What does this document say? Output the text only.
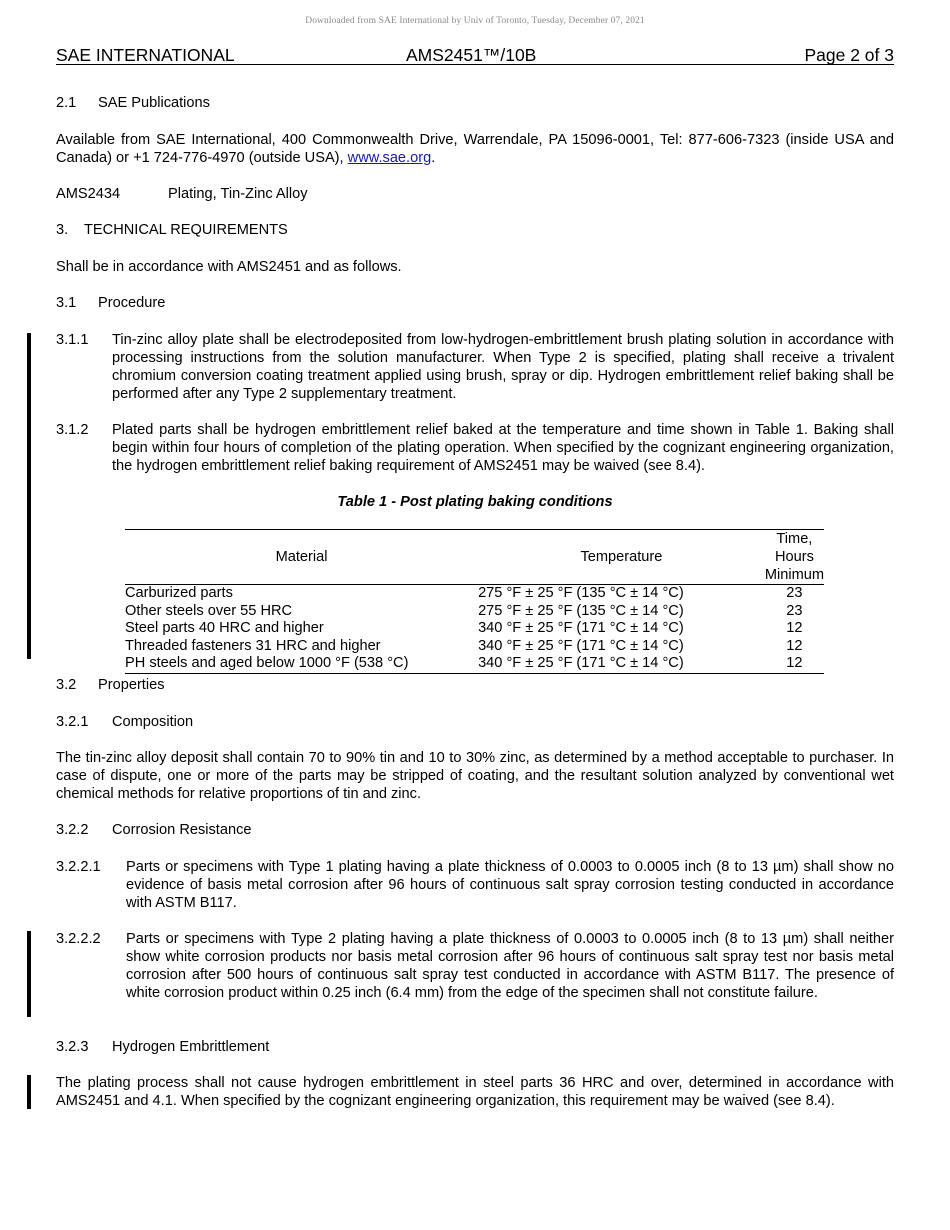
Downloaded from SAE International by Univ of Toronto, Tuesday, December 07, 2021
SAE INTERNATIONAL	AMS2451™/10B	Page 2 of 3
2.1 SAE Publications
Available from SAE International, 400 Commonwealth Drive, Warrendale, PA 15096-0001, Tel: 877-606-7323 (inside USA and Canada) or +1 724-776-4970 (outside USA), www.sae.org.
AMS2434	Plating, Tin-Zinc Alloy
3. TECHNICAL REQUIREMENTS
Shall be in accordance with AMS2451 and as follows.
3.1 Procedure
3.1.1 Tin-zinc alloy plate shall be electrodeposited from low-hydrogen-embrittlement brush plating solution in accordance with processing instructions from the solution manufacturer. When Type 2 is specified, plating shall receive a trivalent chromium conversion coating treatment applied using brush, spray or dip. Hydrogen embrittlement relief baking shall be performed after any Type 2 supplementary treatment.
3.1.2 Plated parts shall be hydrogen embrittlement relief baked at the temperature and time shown in Table 1. Baking shall begin within four hours of completion of the plating operation. When specified by the cognizant engineering organization, the hydrogen embrittlement relief baking requirement of AMS2451 may be waived (see 8.4).
Table 1 - Post plating baking conditions
Material	Temperature	Time, Hours
Minimum
Carburized parts	275 °F ± 25 °F (135 °C ± 14 °C)	23
Other steels over 55 HRC	275 °F ± 25 °F (135 °C ± 14 °C)	23
Steel parts 40 HRC and higher	340 °F ± 25 °F (171 °C ± 14 °C)	12
Threaded fasteners 31 HRC and higher	340 °F ± 25 °F (171 °C ± 14 °C)	12
PH steels and aged below 1000 °F (538 °C)	340 °F ± 25 °F (171 °C ± 14 °C)	12
3.2 Properties
3.2.1 Composition
The tin-zinc alloy deposit shall contain 70 to 90% tin and 10 to 30% zinc, as determined by a method acceptable to purchaser. In case of dispute, one or more of the parts may be stripped of coating, and the resultant solution analyzed by conventional wet chemical methods for relative proportions of tin and zinc.
3.2.2 Corrosion Resistance
3.2.2.1 Parts or specimens with Type 1 plating having a plate thickness of 0.0003 to 0.0005 inch (8 to 13 µm) shall show no evidence of basis metal corrosion after 96 hours of continuous salt spray corrosion testing conducted in accordance with ASTM B117.
3.2.2.2 Parts or specimens with Type 2 plating having a plate thickness of 0.0003 to 0.0005 inch (8 to 13 µm) shall neither show white corrosion products nor basis metal corrosion after 96 hours of continuous salt spray test nor basis metal corrosion after 500 hours of continuous salt spray test conducted in accordance with ASTM B117. The presence of white corrosion product within 0.25 inch (6.4 mm) from the edge of the specimen shall not constitute failure.
3.2.3 Hydrogen Embrittlement
The plating process shall not cause hydrogen embrittlement in steel parts 36 HRC and over, determined in accordance with AMS2451 and 4.1. When specified by the cognizant engineering organization, this requirement may be waived (see 8.4).
